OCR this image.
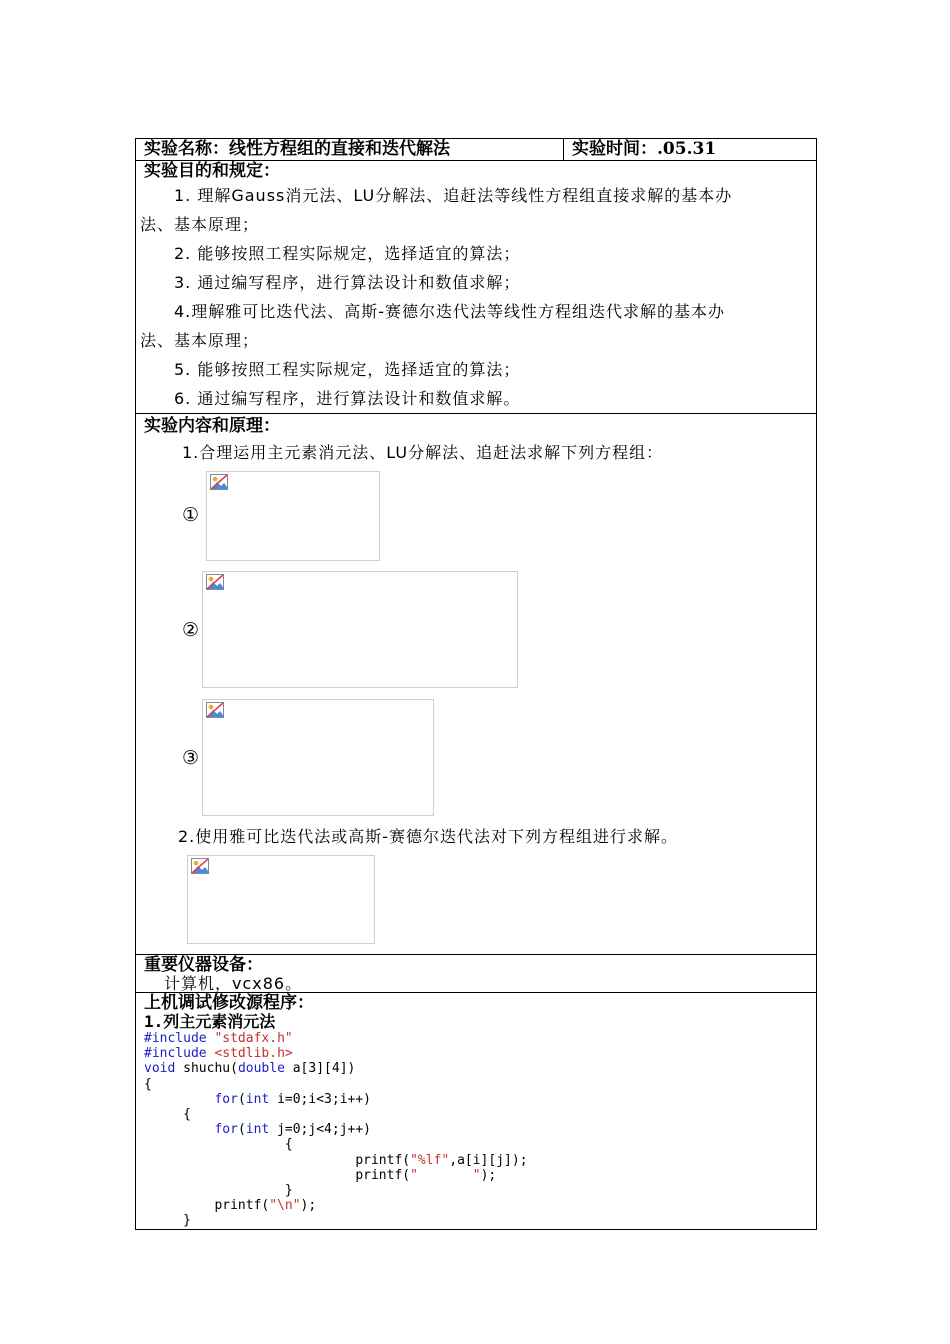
实验名称：线性方程组的直接和迭代解法	实验时间：.05.31

实验目的和规定：
1. 理解Gauss消元法、LU分解法、追赶法等线性方程组直接求解的基本办
法、基本原理；
2. 能够按照工程实际规定，选择适宜的算法；
3. 通过编写程序，进行算法设计和数值求解；
4.理解雅可比迭代法、高斯-赛德尔迭代法等线性方程组迭代求解的基本办
法、基本原理；
5. 能够按照工程实际规定，选择适宜的算法；
6. 通过编写程序，进行算法设计和数值求解。

实验内容和原理：
1.合理运用主元素消元法、LU分解法、追赶法求解下列方程组：
①
②
③
2.使用雅可比迭代法或高斯-赛德尔迭代法对下列方程组进行求解。

重要仪器设备：
计算机，vcx86。

上机调试修改源程序：
1.列主元素消元法
#include "stdafx.h"
#include <stdlib.h>
void shuchu(double a[3][4])
{
for(int i=0;i<3;i++)
{
for(int j=0;j<4;j++)
{
printf("%lf",a[i][j]);
printf("       ");
}
printf("\n");
}
